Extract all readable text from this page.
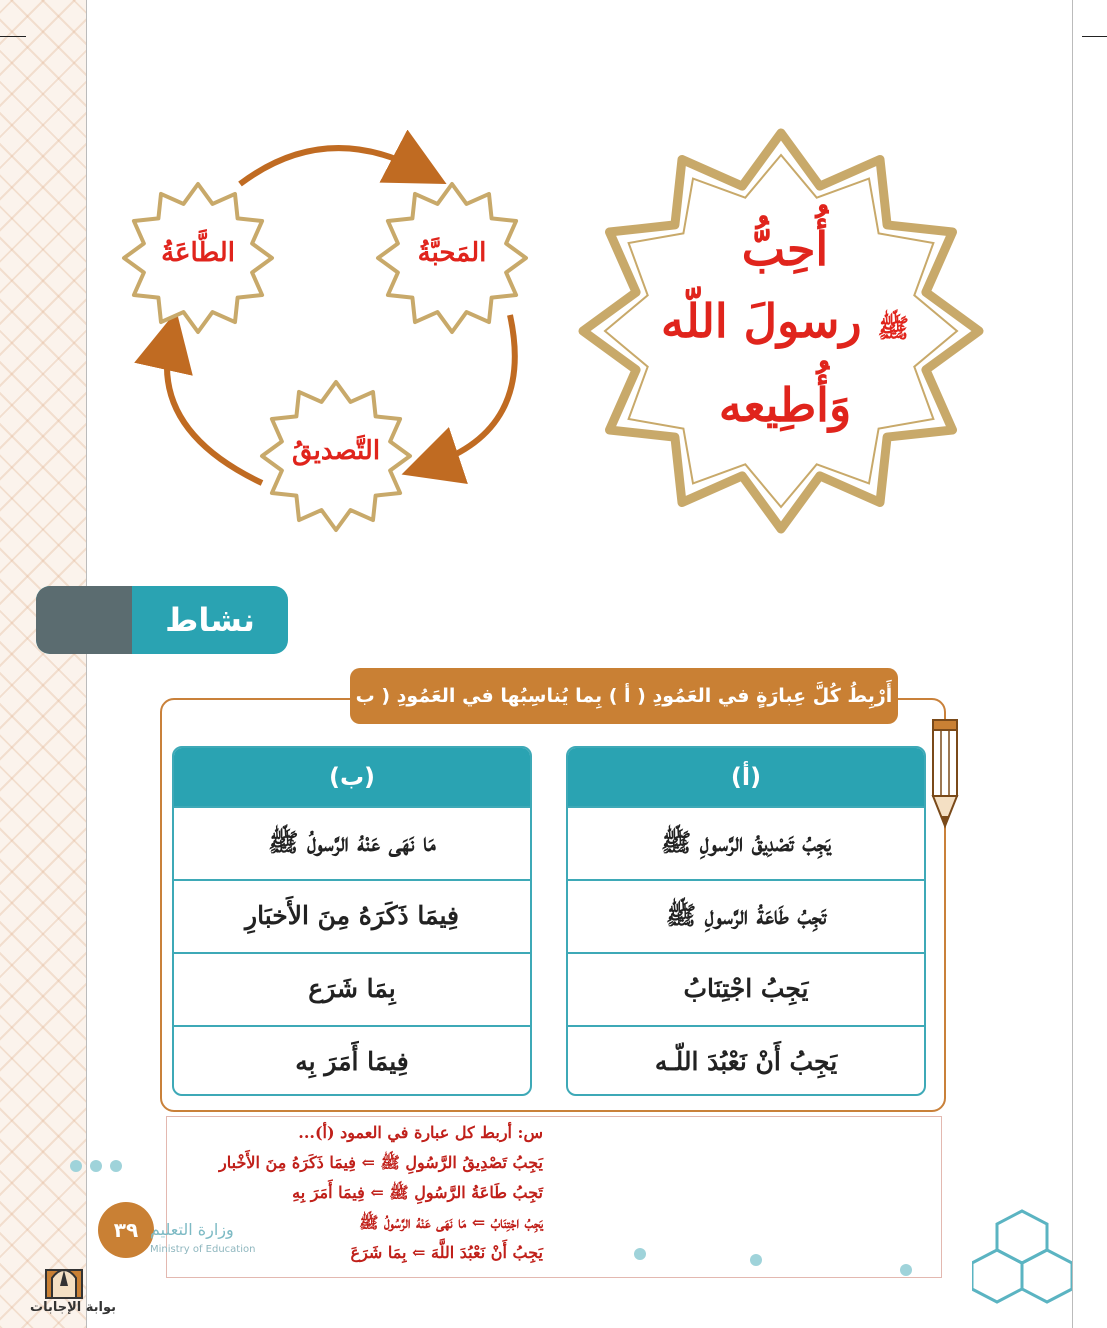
أُحِبُّ
ﷺ رسولَ اللّه
وَأُطِيعه
المَحبَّةُ
الطَّاعَةُ
التَّصديقُ
نشاط
أَرْبِطُ كُلَّ عِبارَةٍ في العَمُودِ ( أ ) بِما يُناسِبُها في العَمُودِ ( ب
(أ)
يَجِبُ تَصْدِيقُ الرَّسولِ ﷺ
تَجِبُ طَاعَةُ الرَّسولِ ﷺ
يَجِبُ اجْتِنَابُ
يَجِبُ أَنْ نَعْبُدَ اللّـه
(ب)
مَا نَهَى عَنْهُ الرَّسولُ ﷺ
فِيمَا ذَكَرَهُ مِنَ الأَخبَارِ
بِمَا شَرَع
فِيمَا أَمَرَ بِه
س: أربط كل عبارة في العمود (أ)...
يَجِبُ تَصْدِيقُ الرَّسُولِ ﷺ ⇐ فِيمَا ذَكَرَهُ مِنَ الأَخْبار
تَجِبُ طَاعَةُ الرَّسُولِ ﷺ ⇐ فِيمَا أَمَرَ بِهِ
يَجِبُ اجْتِنَابُ ⇐ مَا نَهَى عَنْهُ الرَّسُولُ ﷺ
يَجِبُ أَنْ نَعْبُدَ اللَّهَ ⇐ بِمَا شَرَعَ
٣٩ وزارة التعليم
Ministry of Education
بوابة الإجابات
